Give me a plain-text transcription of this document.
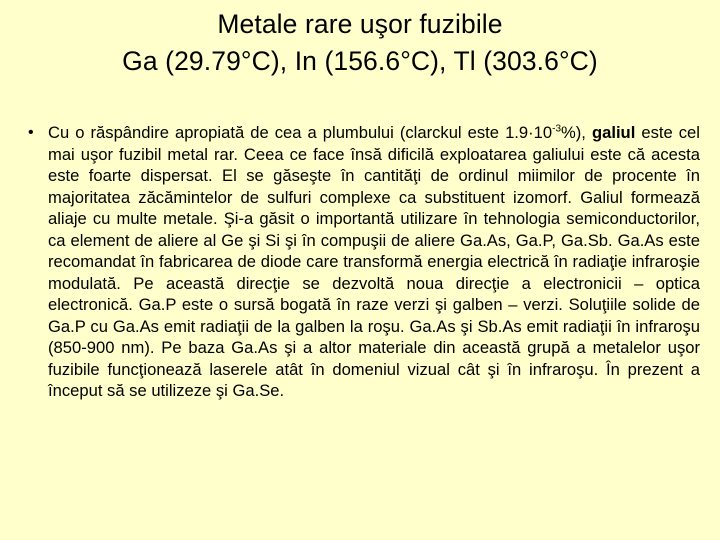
Metale rare uşor fuzibile
Ga (29.79°C), In (156.6°C), Tl (303.6°C)
• Cu o răspândire apropiată de cea a plumbului (clarckul este $1.9\cdot 10^{-3}\%$), galiul este cel mai uşor fuzibil metal rar. Ceea ce face însă dificilă exploatarea galiului este că acesta este foarte dispersat. El se găseşte în cantităţi de ordinul miimilor de procente în majoritatea zăcămintelor de sulfuri complexe ca substituent izomorf. Galiul formează aliaje cu multe metale. Şi-a găsit o importantă utilizare în tehnologia semiconductorilor, ca element de aliere al Ge şi Si şi în compuşii de aliere Ga.As, Ga.P, Ga.Sb. Ga.As este recomandat în fabricarea de diode care transformă energia electrică în radiaţie infraroşie modulată. Pe această direcţie se dezvoltă noua direcţie a electronicii – optica electronică. Ga.P este o sursă bogată în raze verzi şi galben – verzi. Soluţiile solide de Ga.P cu Ga.As emit radiaţii de la galben la roşu. Ga.As şi Sb.As emit radiaţii în infraroşu (850-900 nm). Pe baza Ga.As şi a altor materiale din această grupă a metalelor uşor fuzibile funcţionează laserele atât în domeniul vizual cât şi în infraroşu. În prezent a început să se utilizeze şi Ga.Se.
